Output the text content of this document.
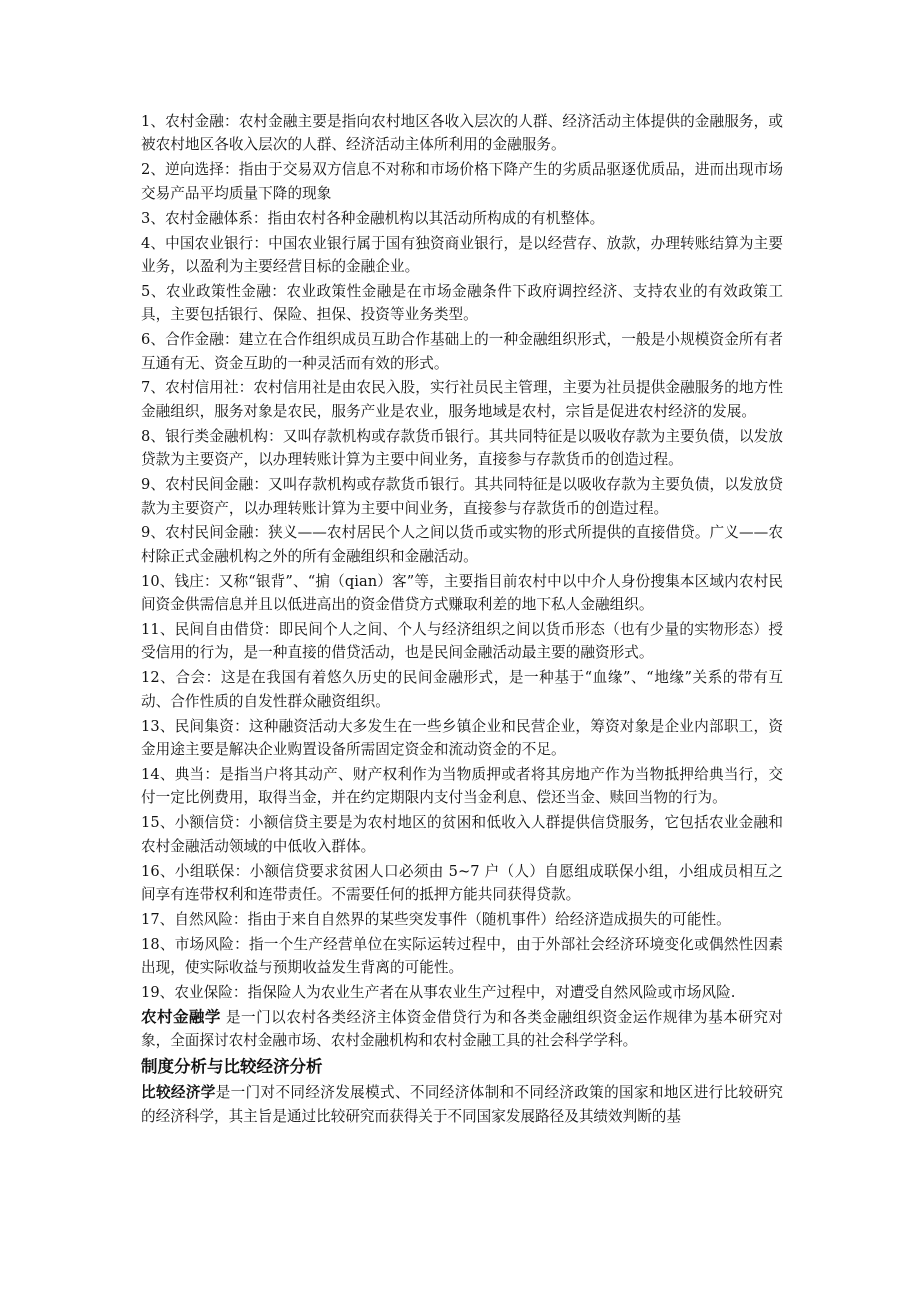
1、农村金融：农村金融主要是指向农村地区各收入层次的人群、经济活动主体提供的金融服务，或被农村地区各收入层次的人群、经济活动主体所利用的金融服务。

2、逆向选择：指由于交易双方信息不对称和市场价格下降产生的劣质品驱逐优质品，进而出现市场交易产品平均质量下降的现象

3、农村金融体系：指由农村各种金融机构以其活动所构成的有机整体。

4、中国农业银行：中国农业银行属于国有独资商业银行，是以经营存、放款，办理转账结算为主要业务，以盈利为主要经营目标的金融企业。

5、农业政策性金融：农业政策性金融是在市场金融条件下政府调控经济、支持农业的有效政策工具，主要包括银行、保险、担保、投资等业务类型。

6、合作金融：建立在合作组织成员互助合作基础上的一种金融组织形式，一般是小规模资金所有者互通有无、资金互助的一种灵活而有效的形式。

7、农村信用社：农村信用社是由农民入股，实行社员民主管理，主要为社员提供金融服务的地方性金融组织，服务对象是农民，服务产业是农业，服务地域是农村，宗旨是促进农村经济的发展。

8、银行类金融机构：又叫存款机构或存款货币银行。其共同特征是以吸收存款为主要负债，以发放贷款为主要资产，以办理转账计算为主要中间业务，直接参与存款货币的创造过程。

9、农村民间金融：又叫存款机构或存款货币银行。其共同特征是以吸收存款为主要负债，以发放贷款为主要资产，以办理转账计算为主要中间业务，直接参与存款货币的创造过程。

9、农村民间金融：狭义——农村居民个人之间以货币或实物的形式所提供的直接借贷。广义——农村除正式金融机构之外的所有金融组织和金融活动。

10、钱庄：又称“银背”、“掮（qian）客”等，主要指目前农村中以中介人身份搜集本区域内农村民间资金供需信息并且以低进高出的资金借贷方式赚取利差的地下私人金融组织。

11、民间自由借贷：即民间个人之间、个人与经济组织之间以货币形态（也有少量的实物形态）授受信用的行为，是一种直接的借贷活动，也是民间金融活动最主要的融资形式。

12、合会：这是在我国有着悠久历史的民间金融形式，是一种基于“血缘”、“地缘”关系的带有互动、合作性质的自发性群众融资组织。

13、民间集资：这种融资活动大多发生在一些乡镇企业和民营企业，筹资对象是企业内部职工，资金用途主要是解决企业购置设备所需固定资金和流动资金的不足。

14、典当：是指当户将其动产、财产权利作为当物质押或者将其房地产作为当物抵押给典当行，交付一定比例费用，取得当金，并在约定期限内支付当金利息、偿还当金、赎回当物的行为。

15、小额信贷：小额信贷主要是为农村地区的贫困和低收入人群提供信贷服务，它包括农业金融和农村金融活动领域的中低收入群体。

16、小组联保：小额信贷要求贫困人口必须由 5~7 户（人）自愿组成联保小组，小组成员相互之间享有连带权利和连带责任。不需要任何的抵押方能共同获得贷款。

17、自然风险：指由于来自自然界的某些突发事件（随机事件）给经济造成损失的可能性。

18、市场风险：指一个生产经营单位在实际运转过程中，由于外部社会经济环境变化或偶然性因素出现，使实际收益与预期收益发生背离的可能性。

19、农业保险：指保险人为农业生产者在从事农业生产过程中，对遭受自然风险或市场风险.

农村金融学 是一门以农村各类经济主体资金借贷行为和各类金融组织资金运作规律为基本研究对象，全面探讨农村金融市场、农村金融机构和农村金融工具的社会科学学科。

制度分析与比较经济分析

比较经济学是一门对不同经济发展模式、不同经济体制和不同经济政策的国家和地区进行比较研究的经济科学，其主旨是通过比较研究而获得关于不同国家发展路径及其绩效判断的基
